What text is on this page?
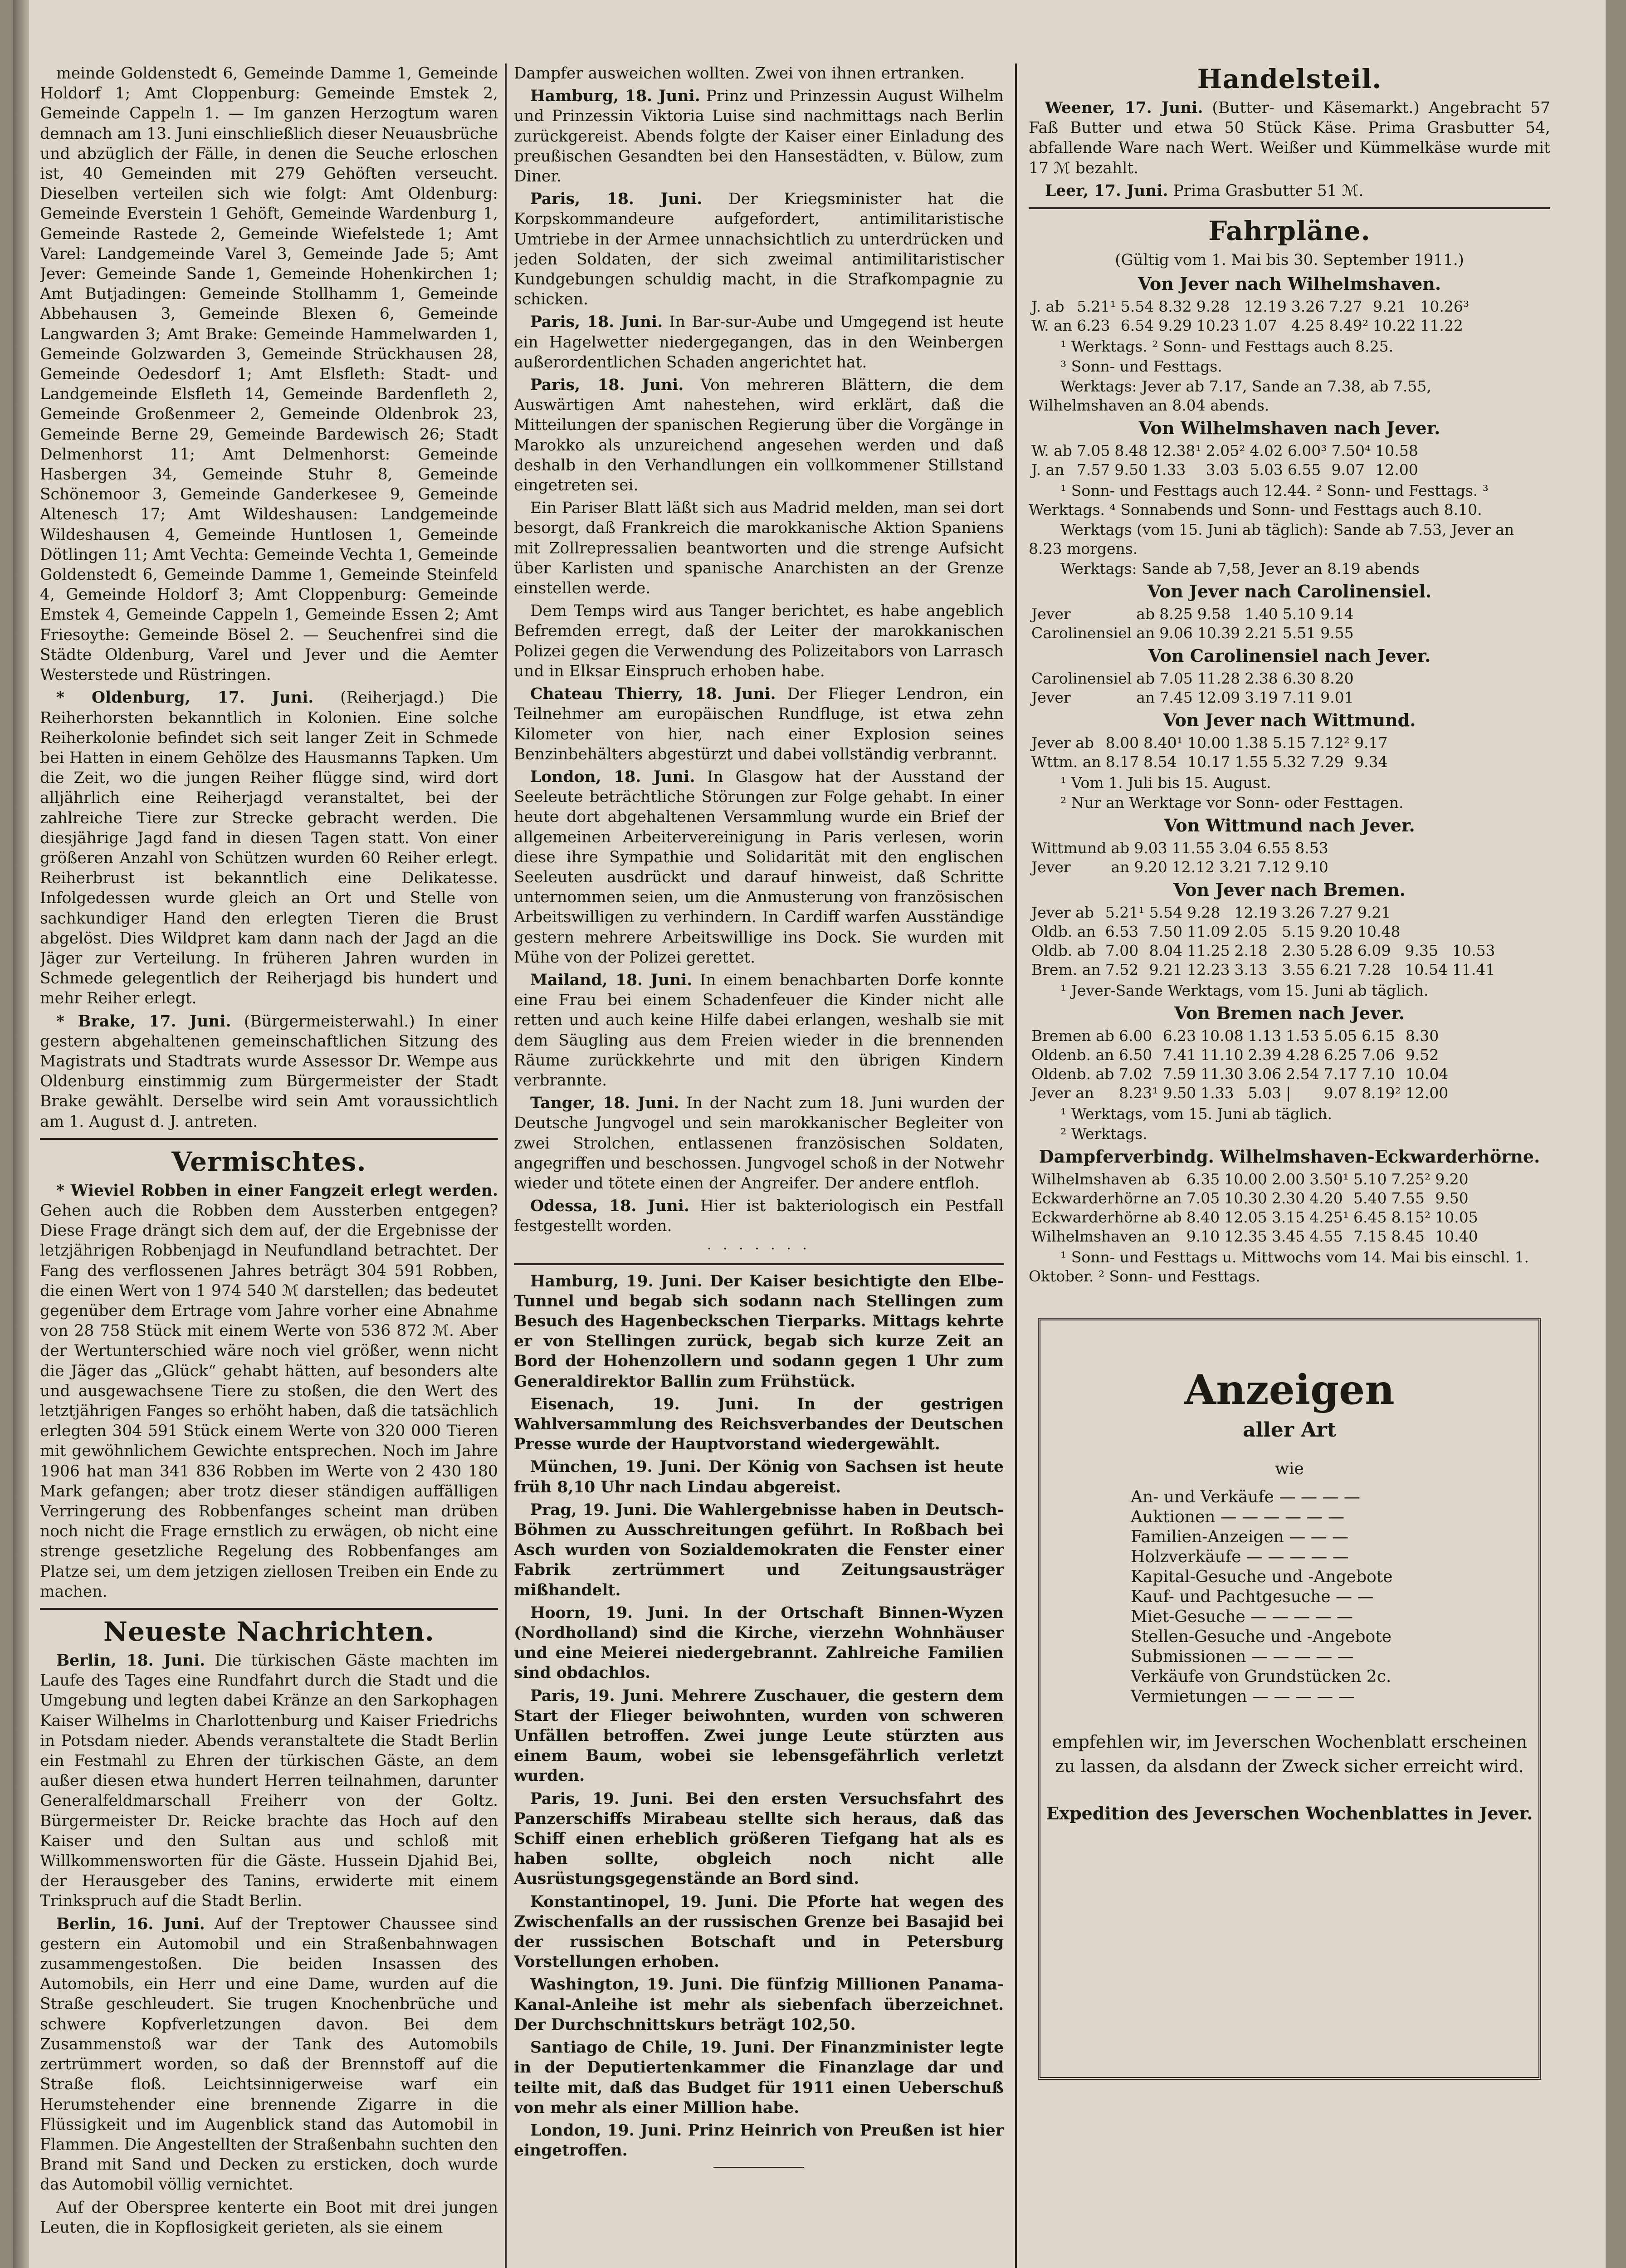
meinde Goldenstedt 6, Gemeinde Damme 1, Gemeinde Holdorf 1; Amt Cloppenburg: Gemeinde Emstek 2, Gemeinde Cappeln 1. — Im ganzen Herzogtum waren demnach am 13. Juni einschließlich dieser Neuausbrüche und abzüglich der Fälle, in denen die Seuche erloschen ist, 40 Gemeinden mit 279 Gehöften verseucht. Dieselben verteilen sich wie folgt: Amt Oldenburg: Gemeinde Everstein 1 Gehöft, Gemeinde Wardenburg 1, Gemeinde Rastede 2, Gemeinde Wiefelstede 1; Amt Varel: Landgemeinde Varel 3, Gemeinde Jade 5; Amt Jever: Gemeinde Sande 1, Gemeinde Hohenkirchen 1; Amt Butjadingen: Gemeinde Stollhamm 1, Gemeinde Abbehausen 3, Gemeinde Blexen 6, Gemeinde Langwarden 3; Amt Brake: Gemeinde Hammelwarden 1, Gemeinde Golzwarden 3, Gemeinde Strückhausen 28, Gemeinde Oedesdorf 1; Amt Elsfleth: Stadt- und Landgemeinde Elsfleth 14, Gemeinde Bardenfleth 2, Gemeinde Großenmeer 2, Gemeinde Oldenbrok 23, Gemeinde Berne 29, Gemeinde Bardewisch 26; Stadt Delmenhorst 11; Amt Delmenhorst: Gemeinde Hasbergen 34, Gemeinde Stuhr 8, Gemeinde Schönemoor 3, Gemeinde Ganderkesee 9, Gemeinde Altenesch 17; Amt Wildeshausen: Landgemeinde Wildeshausen 4, Gemeinde Huntlosen 1, Gemeinde Dötlingen 11; Amt Vechta: Gemeinde Vechta 1, Gemeinde Goldenstedt 6, Gemeinde Damme 1, Gemeinde Steinfeld 4, Gemeinde Holdorf 3; Amt Cloppenburg: Gemeinde Emstek 4, Gemeinde Cappeln 1, Gemeinde Essen 2; Amt Friesoythe: Gemeinde Bösel 2. — Seuchenfrei sind die Städte Oldenburg, Varel und Jever und die Aemter Westerstede und Rüstringen.

* Oldenburg, 17. Juni. (Reiherjagd.) Die Reiherhorsten bekanntlich in Kolonien. Eine solche Reiherkolonie befindet sich seit langer Zeit in Schmede bei Hatten in einem Gehölze des Hausmanns Tapken. Um die Zeit, wo die jungen Reiher flügge sind, wird dort alljährlich eine Reiherjagd veranstaltet, bei der zahlreiche Tiere zur Strecke gebracht werden. Die diesjährige Jagd fand in diesen Tagen statt. Von einer größeren Anzahl von Schützen wurden 60 Reiher erlegt. Reiherbrust ist bekanntlich eine Delikatesse. Infolgedessen wurde gleich an Ort und Stelle von sachkundiger Hand den erlegten Tieren die Brust abgelöst. Dies Wildpret kam dann nach der Jagd an die Jäger zur Verteilung. In früheren Jahren wurden in Schmede gelegentlich der Reiherjagd bis hundert und mehr Reiher erlegt.

* Brake, 17. Juni. (Bürgermeisterwahl.) In einer gestern abgehaltenen gemeinschaftlichen Sitzung des Magistrats und Stadtrats wurde Assessor Dr. Wempe aus Oldenburg einstimmig zum Bürgermeister der Stadt Brake gewählt. Derselbe wird sein Amt voraussichtlich am 1. August d. J. antreten.

Vermischtes.

* Wieviel Robben in einer Fangzeit erlegt werden. Gehen auch die Robben dem Aussterben entgegen? Diese Frage drängt sich dem auf, der die Ergebnisse der letzjährigen Robbenjagd in Neufundland betrachtet. Der Fang des verflossenen Jahres beträgt 304 591 Robben, die einen Wert von 1 974 540 ℳ darstellen; das bedeutet gegenüber dem Ertrage vom Jahre vorher eine Abnahme von 28 758 Stück mit einem Werte von 536 872 ℳ. Aber der Wertunterschied wäre noch viel größer, wenn nicht die Jäger das „Glück“ gehabt hätten, auf besonders alte und ausgewachsene Tiere zu stoßen, die den Wert des letztjährigen Fanges so erhöht haben, daß die tatsächlich erlegten 304 591 Stück einem Werte von 320 000 Tieren mit gewöhnlichem Gewichte entsprechen. Noch im Jahre 1906 hat man 341 836 Robben im Werte von 2 430 180 Mark gefangen; aber trotz dieser ständigen auffälligen Verringerung des Robbenfanges scheint man drüben noch nicht die Frage ernstlich zu erwägen, ob nicht eine strenge gesetzliche Regelung des Robbenfanges am Platze sei, um dem jetzigen ziellosen Treiben ein Ende zu machen.

Neueste Nachrichten.

Berlin, 18. Juni. Die türkischen Gäste machten im Laufe des Tages eine Rundfahrt durch die Stadt und die Umgebung und legten dabei Kränze an den Sarkophagen Kaiser Wilhelms in Charlottenburg und Kaiser Friedrichs in Potsdam nieder. Abends veranstaltete die Stadt Berlin ein Festmahl zu Ehren der türkischen Gäste, an dem außer diesen etwa hundert Herren teilnahmen, darunter Generalfeldmarschall Freiherr von der Goltz. Bürgermeister Dr. Reicke brachte das Hoch auf den Kaiser und den Sultan aus und schloß mit Willkommensworten für die Gäste. Hussein Djahid Bei, der Herausgeber des Tanins, erwiderte mit einem Trinkspruch auf die Stadt Berlin.

Berlin, 16. Juni. Auf der Treptower Chaussee sind gestern ein Automobil und ein Straßenbahnwagen zusammengestoßen. Die beiden Insassen des Automobils, ein Herr und eine Dame, wurden auf die Straße geschleudert. Sie trugen Knochenbrüche und schwere Kopfverletzungen davon. Bei dem Zusammenstoß war der Tank des Automobils zertrümmert worden, so daß der Brennstoff auf die Straße floß. Leichtsinnigerweise warf ein Herumstehender eine brennende Zigarre in die Flüssigkeit und im Augenblick stand das Automobil in Flammen. Die Angestellten der Straßenbahn suchten den Brand mit Sand und Decken zu ersticken, doch wurde das Automobil völlig vernichtet.

Auf der Oberspree kenterte ein Boot mit drei jungen Leuten, die in Kopflosigkeit gerieten, als sie einem

Dampfer ausweichen wollten. Zwei von ihnen ertranken.

Hamburg, 18. Juni. Prinz und Prinzessin August Wilhelm und Prinzessin Viktoria Luise sind nachmittags nach Berlin zurückgereist. Abends folgte der Kaiser einer Einladung des preußischen Gesandten bei den Hansestädten, v. Bülow, zum Diner.

Paris, 18. Juni. Der Kriegsminister hat die Korpskommandeure aufgefordert, antimilitaristische Umtriebe in der Armee unnachsichtlich zu unterdrücken und jeden Soldaten, der sich zweimal antimilitaristischer Kundgebungen schuldig macht, in die Strafkompagnie zu schicken.

Paris, 18. Juni. In Bar-sur-Aube und Umgegend ist heute ein Hagelwetter niedergegangen, das in den Weinbergen außerordentlichen Schaden angerichtet hat.

Paris, 18. Juni. Von mehreren Blättern, die dem Auswärtigen Amt nahestehen, wird erklärt, daß die Mitteilungen der spanischen Regierung über die Vorgänge in Marokko als unzureichend angesehen werden und daß deshalb in den Verhandlungen ein vollkommener Stillstand eingetreten sei.

Ein Pariser Blatt läßt sich aus Madrid melden, man sei dort besorgt, daß Frankreich die marokkanische Aktion Spaniens mit Zollrepressalien beantworten und die strenge Aufsicht über Karlisten und spanische Anarchisten an der Grenze einstellen werde.

Dem Temps wird aus Tanger berichtet, es habe angeblich Befremden erregt, daß der Leiter der marokkanischen Polizei gegen die Verwendung des Polizeitabors von Larrasch und in Elksar Einspruch erhoben habe.

Chateau Thierry, 18. Juni. Der Flieger Lendron, ein Teilnehmer am europäischen Rundfluge, ist etwa zehn Kilometer von hier, nach einer Explosion seines Benzinbehälters abgestürzt und dabei vollständig verbrannt.

London, 18. Juni. In Glasgow hat der Ausstand der Seeleute beträchtliche Störungen zur Folge gehabt. In einer heute dort abgehaltenen Versammlung wurde ein Brief der allgemeinen Arbeitervereinigung in Paris verlesen, worin diese ihre Sympathie und Solidarität mit den englischen Seeleuten ausdrückt und darauf hinweist, daß Schritte unternommen seien, um die Anmusterung von französischen Arbeitswilligen zu verhindern. In Cardiff warfen Ausständige gestern mehrere Arbeitswillige ins Dock. Sie wurden mit Mühe von der Polizei gerettet.

Mailand, 18. Juni. In einem benachbarten Dorfe konnte eine Frau bei einem Schadenfeuer die Kinder nicht alle retten und auch keine Hilfe dabei erlangen, weshalb sie mit dem Säugling aus dem Freien wieder in die brennenden Räume zurückkehrte und mit den übrigen Kindern verbrannte.

Tanger, 18. Juni. In der Nacht zum 18. Juni wurden der Deutsche Jungvogel und sein marokkanischer Begleiter von zwei Strolchen, entlassenen französischen Soldaten, angegriffen und beschossen. Jungvogel schoß in der Notwehr wieder und tötete einen der Angreifer. Der andere entfloh.

Odessa, 18. Juni. Hier ist bakteriologisch ein Pestfall festgestellt worden.

· · · · · · ·

Hamburg, 19. Juni. Der Kaiser besichtigte den Elbe-Tunnel und begab sich sodann nach Stellingen zum Besuch des Hagenbeckschen Tierparks. Mittags kehrte er von Stellingen zurück, begab sich kurze Zeit an Bord der Hohenzollern und sodann gegen 1 Uhr zum Generaldirektor Ballin zum Frühstück.

Eisenach, 19. Juni. In der gestrigen Wahlversammlung des Reichsverbandes der Deutschen Presse wurde der Hauptvorstand wiedergewählt.

München, 19. Juni. Der König von Sachsen ist heute früh 8,10 Uhr nach Lindau abgereist.

Prag, 19. Juni. Die Wahlergebnisse haben in Deutsch-Böhmen zu Ausschreitungen geführt. In Roßbach bei Asch wurden von Sozialdemokraten die Fenster einer Fabrik zertrümmert und Zeitungsausträger mißhandelt.

Hoorn, 19. Juni. In der Ortschaft Binnen-Wyzen (Nordholland) sind die Kirche, vierzehn Wohnhäuser und eine Meierei niedergebrannt. Zahlreiche Familien sind obdachlos.

Paris, 19. Juni. Mehrere Zuschauer, die gestern dem Start der Flieger beiwohnten, wurden von schweren Unfällen betroffen. Zwei junge Leute stürzten aus einem Baum, wobei sie lebensgefährlich verletzt wurden.

Paris, 19. Juni. Bei den ersten Versuchsfahrt des Panzerschiffs Mirabeau stellte sich heraus, daß das Schiff einen erheblich größeren Tiefgang hat als es haben sollte, obgleich noch nicht alle Ausrüstungsgegenstände an Bord sind.

Konstantinopel, 19. Juni. Die Pforte hat wegen des Zwischenfalls an der russischen Grenze bei Basajid bei der russischen Botschaft und in Petersburg Vorstellungen erhoben.

Washington, 19. Juni. Die fünfzig Millionen Panama-Kanal-Anleihe ist mehr als siebenfach überzeichnet. Der Durchschnittskurs beträgt 102,50.

Santiago de Chile, 19. Juni. Der Finanzminister legte in der Deputiertenkammer die Finanzlage dar und teilte mit, daß das Budget für 1911 einen Ueberschuß von mehr als einer Million habe.

London, 19. Juni. Prinz Heinrich von Preußen ist hier eingetroffen.

Handelsteil.

Weener, 17. Juni. (Butter- und Käsemarkt.) Angebracht 57 Faß Butter und etwa 50 Stück Käse. Prima Grasbutter 54, abfallende Ware nach Wert. Weißer und Kümmelkäse wurde mit 17 ℳ bezahlt.

Leer, 17. Juni. Prima Grasbutter 51 ℳ.

Fahrpläne.
(Gültig vom 1. Mai bis 30. September 1911.)
Von Jever nach Wilhelmshaven.
J. ab	5.21¹	5.54	8.32	9.28	12.19	3.26	7.27	9.21	10.26³
W. an	6.23	6.54	9.29	10.23	1.07	4.25	8.49²	10.22	11.22
¹ Werktags. ² Sonn- und Festtags auch 8.25.
³ Sonn- und Festtags.
Werktags: Jever ab 7.17, Sande an 7.38, ab 7.55, Wilhelmshaven an 8.04 abends.
Von Wilhelmshaven nach Jever.
W. ab	7.05	8.48	12.38¹	2.05²	4.02	6.00³	7.50⁴	10.58
J. an	7.57	9.50	1.33	3.03	5.03	6.55	9.07	12.00
¹ Sonn- und Festtags auch 12.44. ² Sonn- und Festtags. ³ Werktags. ⁴ Sonnabends und Sonn- und Festtags auch 8.10.
Werktags (vom 15. Juni ab täglich): Sande ab 7.53, Jever an 8.23 morgens.
Werktags: Sande ab 7,58, Jever an 8.19 abends
Von Jever nach Carolinensiel.
Jever	ab	8.25	9.58	1.40	5.10	9.14
Carolinensiel	an	9.06	10.39	2.21	5.51	9.55
Von Carolinensiel nach Jever.
Carolinensiel	ab	7.05	11.28	2.38	6.30	8.20
Jever	an	7.45	12.09	3.19	7.11	9.01
Von Jever nach Wittmund.
Jever ab	8.00	8.40¹	10.00	1.38	5.15	7.12²	9.17
Wttm. an	8.17	8.54	10.17	1.55	5.32	7.29	9.34
¹ Vom 1. Juli bis 15. August.
² Nur an Werktage vor Sonn- oder Festtagen.
Von Wittmund nach Jever.
Wittmund	ab	9.03	11.55	3.04	6.55	8.53
Jever	an	9.20	12.12	3.21	7.12	9.10
Von Jever nach Bremen.
Jever ab	5.21¹	5.54	9.28	12.19	3.26	7.27	9.21		
Oldb. an	6.53	7.50	11.09	2.05	5.15	9.20	10.48		
Oldb. ab	7.00	8.04	11.25	2.18	2.30	5.28	6.09	9.35	10.53
Brem. an	7.52	9.21	12.23	3.13	3.55	6.21	7.28	10.54	11.41
¹ Jever-Sande Werktags, vom 15. Juni ab täglich.
Von Bremen nach Jever.
Bremen ab	6.00	6.23	10.08	1.13	1.53	5.05	6.15	8.30
Oldenb. an	6.50	7.41	11.10	2.39	4.28	6.25	7.06	9.52
Oldenb. ab	7.02	7.59	11.30	3.06	2.54	7.17	7.10	10.04
Jever an	8.23¹	9.50	1.33	5.03	|	9.07	8.19²	12.00
¹ Werktags, vom 15. Juni ab täglich.
² Werktags.
Dampferverbindg. Wilhelmshaven-Eckwarderhörne.
Wilhelmshaven ab	6.35	10.00	2.00	3.50¹	5.10	7.25²	9.20
Eckwarderhörne an	7.05	10.30	2.30	4.20	5.40	7.55	9.50
Eckwarderhörne ab	8.40	12.05	3.15	4.25¹	6.45	8.15²	10.05
Wilhelmshaven an	9.10	12.35	3.45	4.55	7.15	8.45	10.40
¹ Sonn- und Festtags u. Mittwochs vom 14. Mai bis einschl. 1. Oktober. ² Sonn- und Festtags.
Anzeigen
aller Art
wie
An- und Verkäufe — — — —
Auktionen — — — — — —
Familien-Anzeigen — — —
Holzverkäufe — — — — —
Kapital-Gesuche und -Angebote
Kauf- und Pachtgesuche — —
Miet-Gesuche — — — — —
Stellen-Gesuche und -Angebote
Submissionen — — — — —
Verkäufe von Grundstücken 2c.
Vermietungen — — — — —
empfehlen wir, im Jeverschen Wochenblatt erscheinen zu lassen, da alsdann der Zweck sicher erreicht wird.
Expedition des Jeverschen Wochenblattes in Jever.
